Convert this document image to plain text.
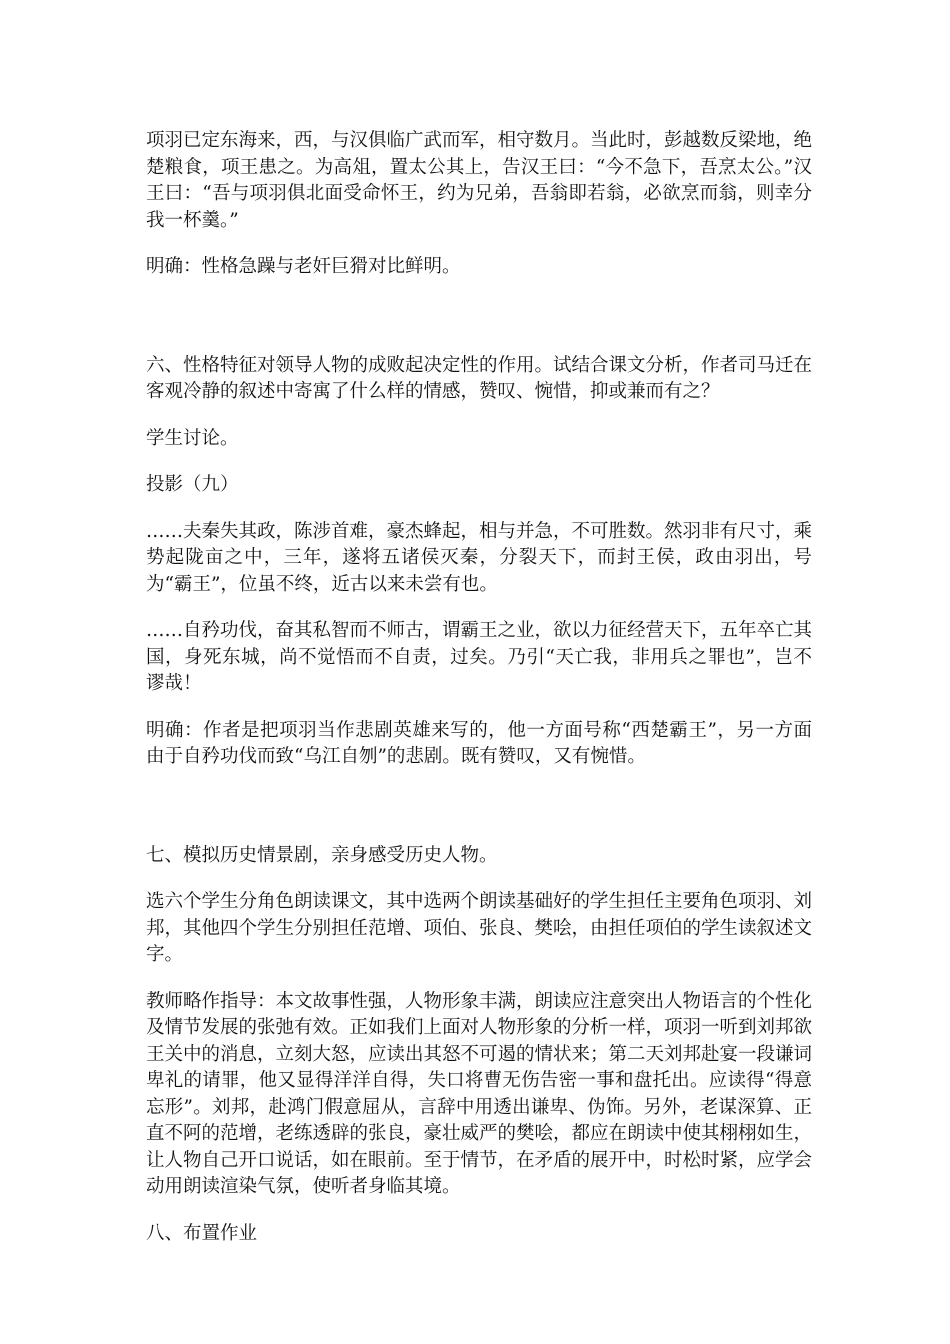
项羽已定东海来，西，与汉俱临广武而军，相守数月。当此时，彭越数反梁地，绝楚粮食，项王患之。为高俎，置太公其上，告汉王曰：“今不急下，吾烹太公。”汉王曰：“吾与项羽俱北面受命怀王，约为兄弟，吾翁即若翁，必欲烹而翁，则幸分我一杯羹。”

明确：性格急躁与老奸巨猾对比鲜明。

六、性格特征对领导人物的成败起决定性的作用。试结合课文分析，作者司马迁在客观冷静的叙述中寄寓了什么样的情感，赞叹、惋惜，抑或兼而有之？

学生讨论。

投影（九）

……夫秦失其政，陈涉首难，豪杰蜂起，相与并急，不可胜数。然羽非有尺寸，乘势起陇亩之中，三年，遂将五诸侯灭秦，分裂天下，而封王侯，政由羽出，号为“霸王”，位虽不终，近古以来未尝有也。

……自矜功伐，奋其私智而不师古，谓霸王之业，欲以力征经营天下，五年卒亡其国，身死东城，尚不觉悟而不自责，过矣。乃引“天亡我，非用兵之罪也”，岂不谬哉！

明确：作者是把项羽当作悲剧英雄来写的，他一方面号称“西楚霸王”，另一方面由于自矜功伐而致“乌江自刎”的悲剧。既有赞叹，又有惋惜。

七、模拟历史情景剧，亲身感受历史人物。

选六个学生分角色朗读课文，其中选两个朗读基础好的学生担任主要角色项羽、刘邦，其他四个学生分别担任范增、项伯、张良、樊哙，由担任项伯的学生读叙述文字。

教师略作指导：本文故事性强，人物形象丰满，朗读应注意突出人物语言的个性化及情节发展的张弛有效。正如我们上面对人物形象的分析一样，项羽一听到刘邦欲王关中的消息，立刻大怒，应读出其怒不可遏的情状来；第二天刘邦赴宴一段谦词卑礼的请罪，他又显得洋洋自得，失口将曹无伤告密一事和盘托出。应读得“得意忘形”。刘邦，赴鸿门假意屈从，言辞中用透出谦卑、伪饰。另外，老谋深算、正直不阿的范增，老练透辟的张良，豪壮威严的樊哙，都应在朗读中使其栩栩如生，让人物自己开口说话，如在眼前。至于情节，在矛盾的展开中，时松时紧，应学会动用朗读渲染气氛，使听者身临其境。

八、布置作业
